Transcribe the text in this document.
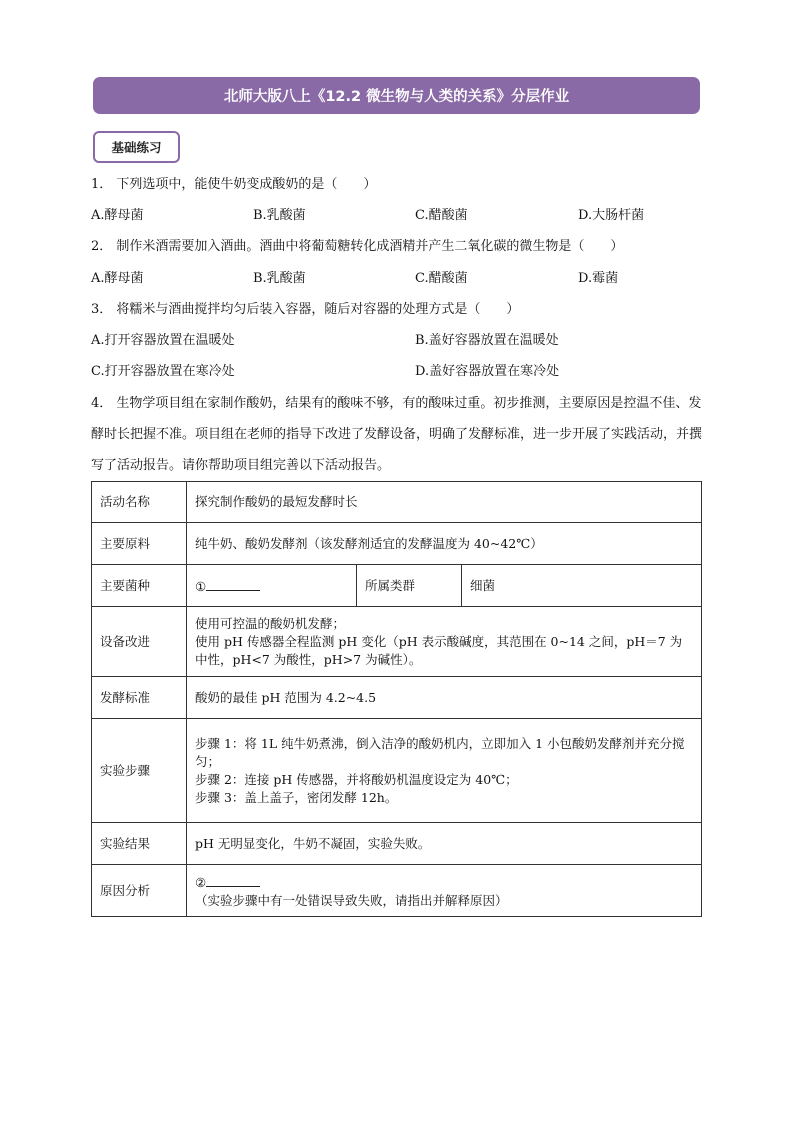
北师大版八上《12.2 微生物与人类的关系》分层作业
基础练习
1． 下列选项中，能使牛奶变成酸奶的是（　　）
A.酵母菌	B.乳酸菌	C.醋酸菌	D.大肠杆菌
2． 制作米酒需要加入酒曲。酒曲中将葡萄糖转化成酒精并产生二氧化碳的微生物是（　　）
A.酵母菌	B.乳酸菌	C.醋酸菌	D.霉菌
3． 将糯米与酒曲搅拌均匀后装入容器，随后对容器的处理方式是（　　）
A.打开容器放置在温暖处	B.盖好容器放置在温暖处
C.打开容器放置在寒冷处	D.盖好容器放置在寒冷处
4． 生物学项目组在家制作酸奶，结果有的酸味不够，有的酸味过重。初步推测，主要原因是控温不佳、发酵时长把握不准。项目组在老师的指导下改进了发酵设备，明确了发酵标准，进一步开展了实践活动，并撰写了活动报告。请你帮助项目组完善以下活动报告。
活动名称	探究制作酸奶的最短发酵时长		
主要原料	纯牛奶、酸奶发酵剂（该发酵剂适宜的发酵温度为 40~42℃）		
主要菌种	①	所属类群	细菌
设备改进	使用可控温的酸奶机发酵；
使用 pH 传感器全程监测 pH 变化（pH 表示酸碱度，其范围在 0~14 之间，pH＝7 为中性，pH<7 为酸性，pH>7 为碱性）。		

发酵标准	酸奶的最佳 pH 范围为 4.2~4.5		
实验步骤	步骤 1：将 1L 纯牛奶煮沸，倒入洁净的酸奶机内，立即加入 1 小包酸奶发酵剂并充分搅匀；
步骤 2：连接 pH 传感器，并将酸奶机温度设定为 40℃；
步骤 3：盖上盖子，密闭发酵 12h。		

实验结果	pH 无明显变化，牛奶不凝固，实验失败。		
原因分析	②
（实验步骤中有一处错误导致失败，请指出并解释原因）		
